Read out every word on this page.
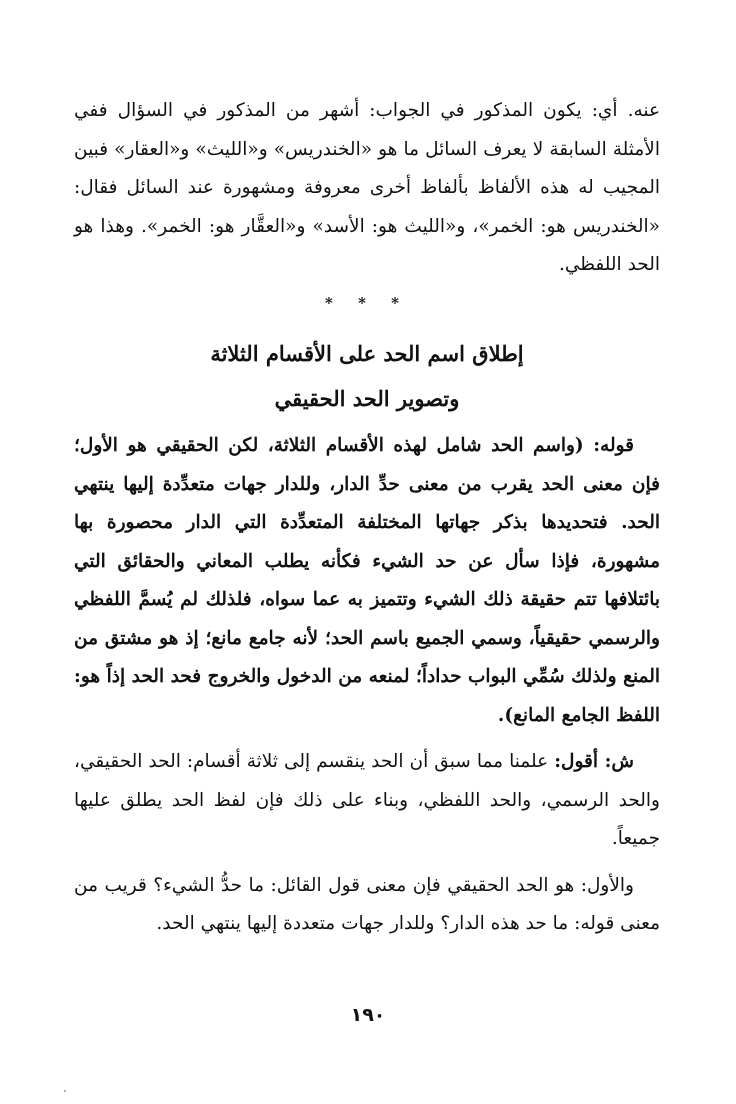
عنه. أي: يكون المذكور في الجواب: أشهر من المذكور في السؤال ففي الأمثلة السابقة لا يعرف السائل ما هو «الخندريس» و«الليث» و«العقار» فبين المجيب له هذه الألفاظ بألفاظ أخرى معروفة ومشهورة عند السائل فقال: «الخندريس هو: الخمر»، و«الليث هو: الأسد» و«العقَّار هو: الخمر». وهذا هو الحد اللفظي.

* * *
إطلاق اسم الحد على الأقسام الثلاثة
وتصوير الحد الحقيقي

قوله: (واسم الحد شامل لهذه الأقسام الثلاثة، لكن الحقيقي هو الأول؛ فإن معنى الحد يقرب من معنى حدِّ الدار، وللدار جهات متعدِّدة إليها ينتهي الحد. فتحديدها بذكر جهاتها المختلفة المتعدِّدة التي الدار محصورة بها مشهورة، فإذا سأل عن حد الشيء فكأنه يطلب المعاني والحقائق التي بائتلافها تتم حقيقة ذلك الشيء وتتميز به عما سواه، فلذلك لم يُسمَّ اللفظي والرسمي حقيقياً، وسمي الجميع باسم الحد؛ لأنه جامع مانع؛ إذ هو مشتق من المنع ولذلك سُمِّي البواب حداداً؛ لمنعه من الدخول والخروج فحد الحد إذاً هو: اللفظ الجامع المانع).

ش: أقول: علمنا مما سبق أن الحد ينقسم إلى ثلاثة أقسام: الحد الحقيقي، والحد الرسمي، والحد اللفظي، وبناء على ذلك فإن لفظ الحد يطلق عليها جميعاً.

والأول: هو الحد الحقيقي فإن معنى قول القائل: ما حدُّ الشيء؟ قريب من معنى قوله: ما حد هذه الدار؟ وللدار جهات متعددة إليها ينتهي الحد.

١٩٠
